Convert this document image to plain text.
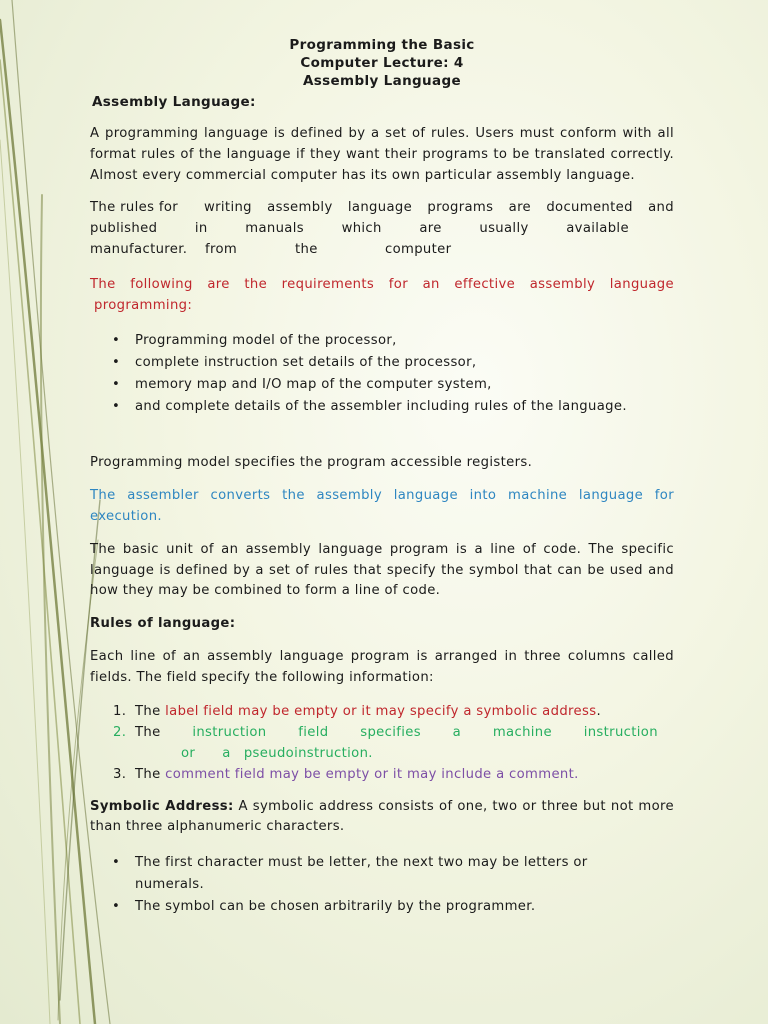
Programming the Basic

Computer Lecture: 4

Assembly Language

Assembly Language:

A programming language is defined by a set of rules. Users must conform with all format rules of the language if they want their programs to be translated correctly. Almost every commercial computer has its own particular assembly language.

The rules for	writing assembly language programs are documented and
published	in	manuals	which	are	usually	available
manufacturer.	from	the	computer
The following are the requirements for an effective assembly language
programming:
• Programming model of the processor,
• complete instruction set details of the processor,
• memory map and I/O map of the computer system,
• and complete details of the assembler including rules of the language.

Programming model specifies the program accessible registers.

The assembler converts the assembly language into machine language for execution.

The basic unit of an assembly language program is a line of code. The specific language is defined by a set of rules that specify the symbol that can be used and how they may be combined to form a line of code.

Rules of language:

Each line of an assembly language program is arranged in three columns called fields. The field specify the following information:

1. The label field may be empty or it may specify a symbolic address.
2. The instruction field specifies a machine instruction
or a pseudoinstruction.
3. The comment field may be empty or it may include a comment.

Symbolic Address: A symbolic address consists of one, two or three but not more than three alphanumeric characters.

• The first character must be letter, the next two may be letters or numerals.
• The symbol can be chosen arbitrarily by the programmer.
